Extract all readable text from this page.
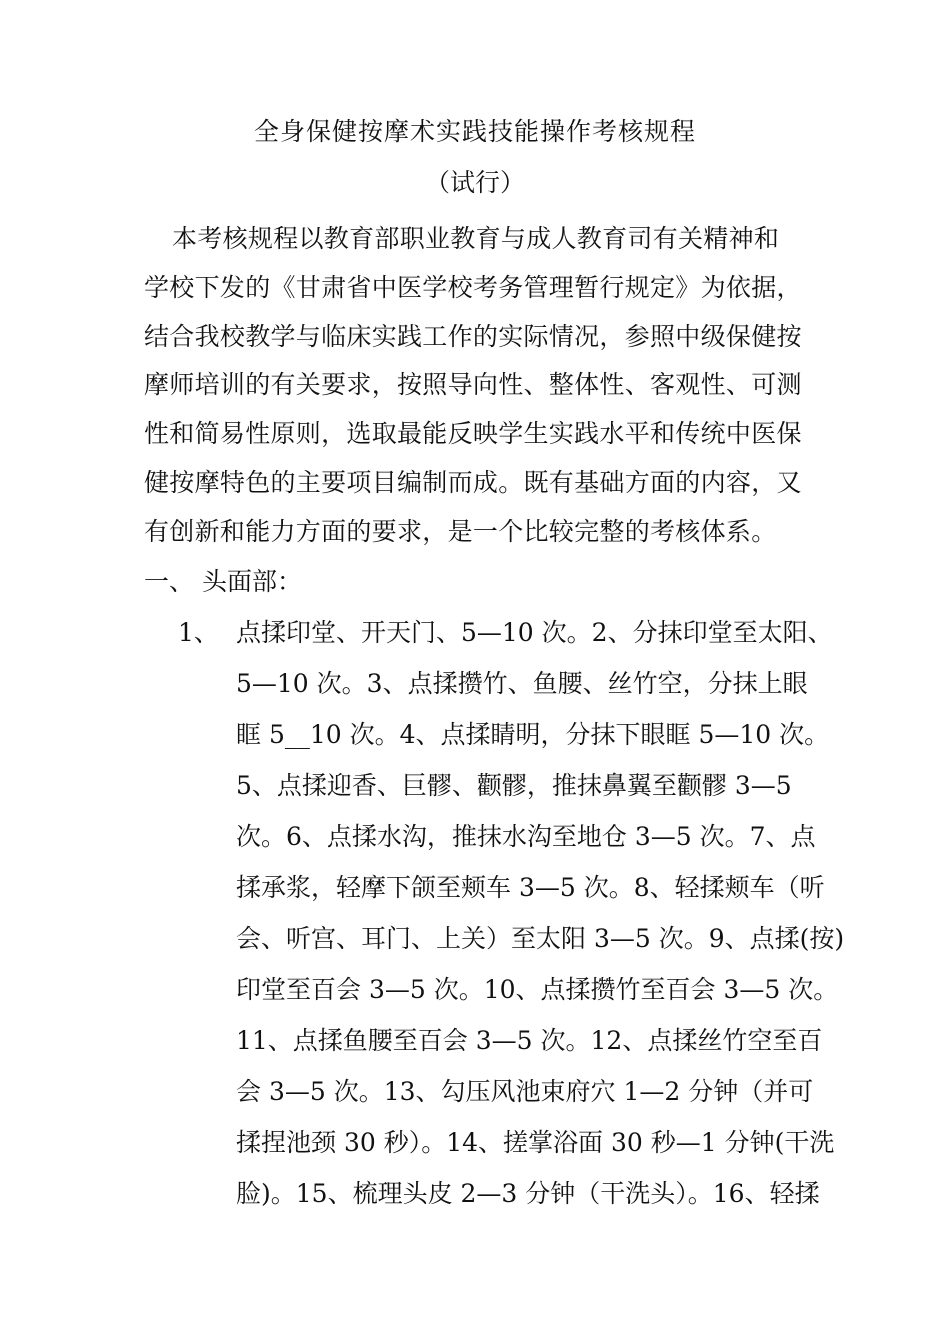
全身保健按摩术实践技能操作考核规程
（试行）
本考核规程以教育部职业教育与成人教育司有关精神和
学校下发的《甘肃省中医学校考务管理暂行规定》为依据，
结合我校教学与临床实践工作的实际情况，参照中级保健按
摩师培训的有关要求，按照导向性、整体性、客观性、可测
性和简易性原则，选取最能反映学生实践水平和传统中医保
健按摩特色的主要项目编制而成。既有基础方面的内容，又
有创新和能力方面的要求，是一个比较完整的考核体系。
一、 头面部：
1、 点揉印堂、开天门、5—10 次。2、分抹印堂至太阳、
5—10 次。3、点揉攒竹、鱼腰、丝竹空，分抹上眼
眶 5__10 次。4、点揉睛明，分抹下眼眶 5—10 次。
5、点揉迎香、巨髎、颧髎，推抹鼻翼至颧髎 3—5
次。6、点揉水沟，推抹水沟至地仓 3—5 次。7、点
揉承浆，轻摩下颌至颊车 3—5 次。8、轻揉颊车（听
会、听宫、耳门、上关）至太阳 3—5 次。9、点揉(按)
印堂至百会 3—5 次。10、点揉攒竹至百会 3—5 次。
11、点揉鱼腰至百会 3—5 次。12、点揉丝竹空至百
会 3—5 次。13、勾压风池束府穴 1—2 分钟（并可
揉捏池颈 30 秒）。14、搓掌浴面 30 秒—1 分钟(干洗
脸)。15、梳理头皮 2—3 分钟（干洗头）。16、轻揉
